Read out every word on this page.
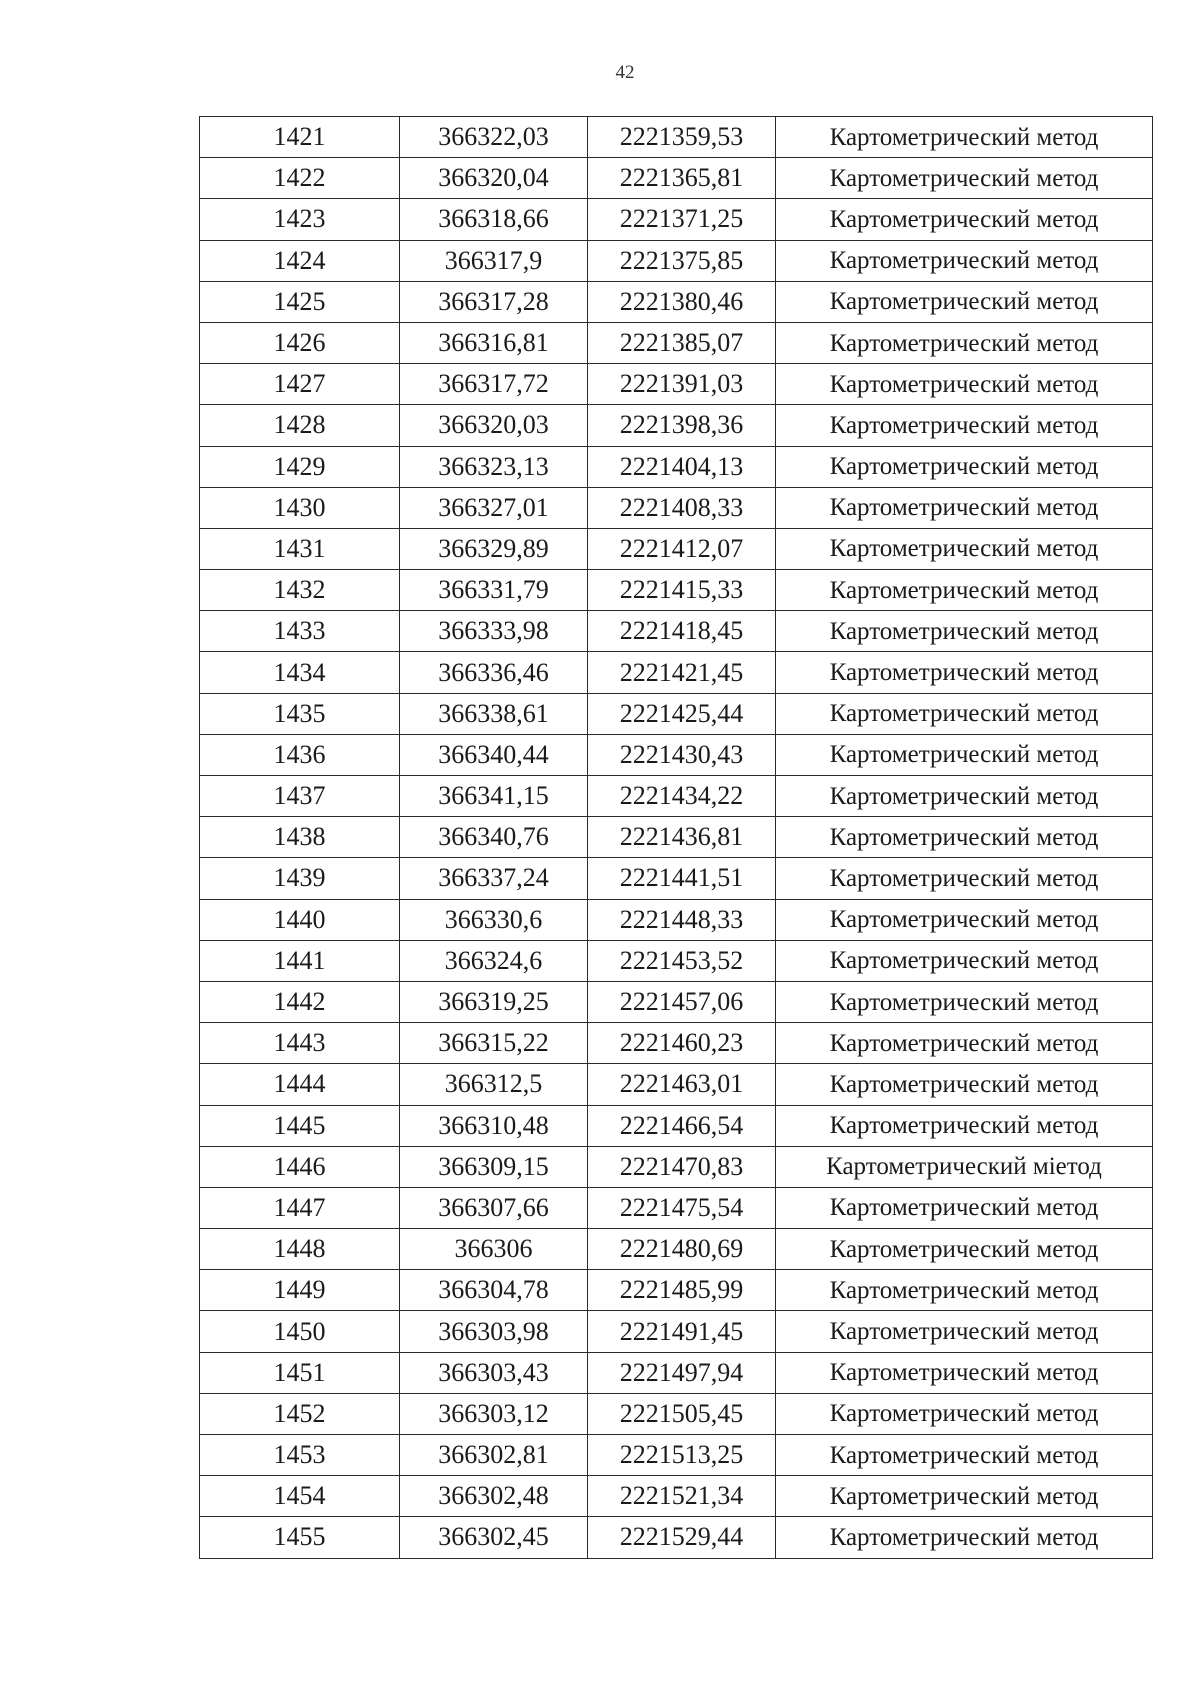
42
1421	366322,03	2221359,53	Картометрический метод
1422	366320,04	2221365,81	Картометрический метод
1423	366318,66	2221371,25	Картометрический метод
1424	366317,9	2221375,85	Картометрический метод
1425	366317,28	2221380,46	Картометрический метод
1426	366316,81	2221385,07	Картометрический метод
1427	366317,72	2221391,03	Картометрический метод
1428	366320,03	2221398,36	Картометрический метод
1429	366323,13	2221404,13	Картометрический метод
1430	366327,01	2221408,33	Картометрический метод
1431	366329,89	2221412,07	Картометрический метод
1432	366331,79	2221415,33	Картометрический метод
1433	366333,98	2221418,45	Картометрический метод
1434	366336,46	2221421,45	Картометрический метод
1435	366338,61	2221425,44	Картометрический метод
1436	366340,44	2221430,43	Картометрический метод
1437	366341,15	2221434,22	Картометрический метод
1438	366340,76	2221436,81	Картометрический метод
1439	366337,24	2221441,51	Картометрический метод
1440	366330,6	2221448,33	Картометрический метод
1441	366324,6	2221453,52	Картометрический метод
1442	366319,25	2221457,06	Картометрический метод
1443	366315,22	2221460,23	Картометрический метод
1444	366312,5	2221463,01	Картометрический метод
1445	366310,48	2221466,54	Картометрический метод
1446	366309,15	2221470,83	Картометрический мiетод
1447	366307,66	2221475,54	Картометрический метод
1448	366306	2221480,69	Картометрический метод
1449	366304,78	2221485,99	Картометрический метод
1450	366303,98	2221491,45	Картометрический метод
1451	366303,43	2221497,94	Картометрический метод
1452	366303,12	2221505,45	Картометрический метод
1453	366302,81	2221513,25	Картометрический метод
1454	366302,48	2221521,34	Картометрический метод
1455	366302,45	2221529,44	Картометрический метод
